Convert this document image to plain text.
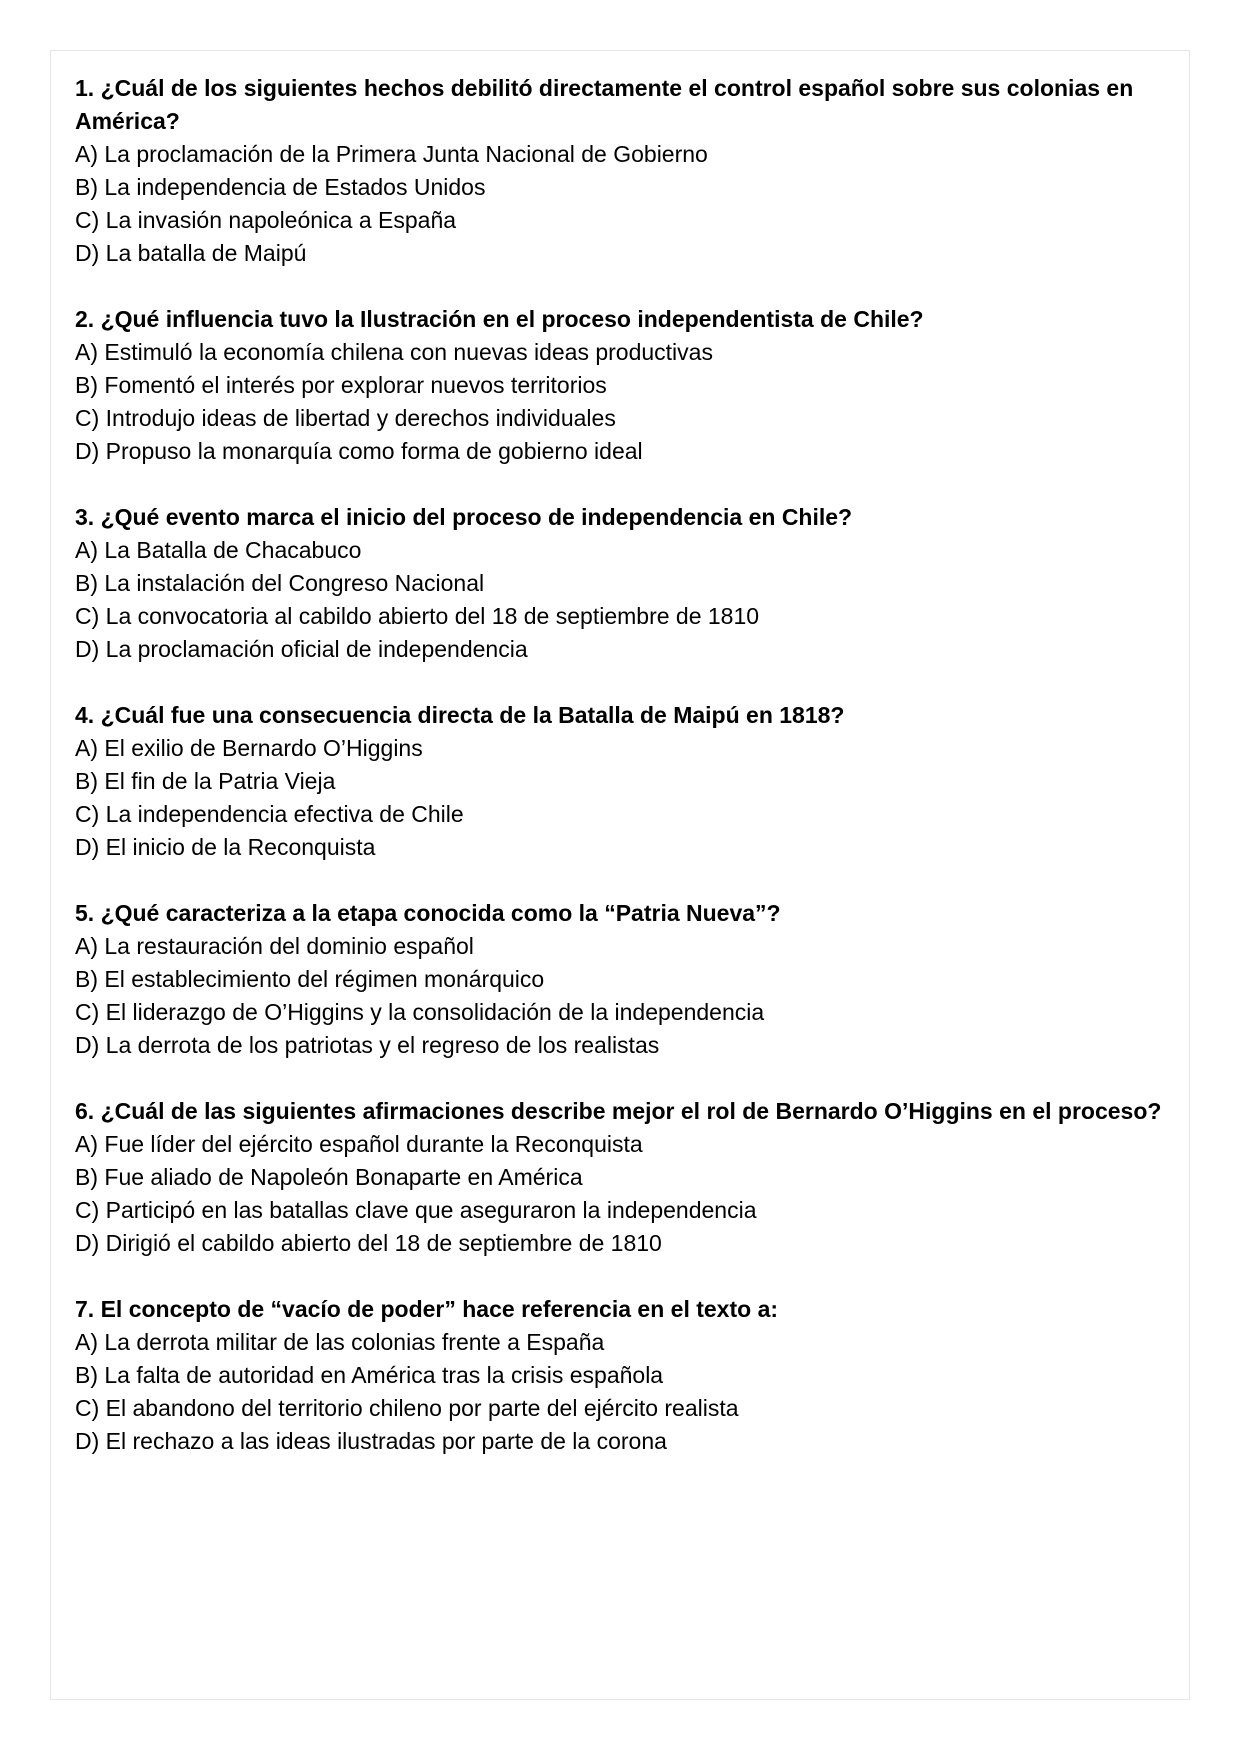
1. ¿Cuál de los siguientes hechos debilitó directamente el control español sobre sus colonias en América?

A) La proclamación de la Primera Junta Nacional de Gobierno
B) La independencia de Estados Unidos
C) La invasión napoleónica a España
D) La batalla de Maipú

2. ¿Qué influencia tuvo la Ilustración en el proceso independentista de Chile?

A) Estimuló la economía chilena con nuevas ideas productivas
B) Fomentó el interés por explorar nuevos territorios
C) Introdujo ideas de libertad y derechos individuales
D) Propuso la monarquía como forma de gobierno ideal

3. ¿Qué evento marca el inicio del proceso de independencia en Chile?

A) La Batalla de Chacabuco
B) La instalación del Congreso Nacional
C) La convocatoria al cabildo abierto del 18 de septiembre de 1810
D) La proclamación oficial de independencia

4. ¿Cuál fue una consecuencia directa de la Batalla de Maipú en 1818?

A) El exilio de Bernardo O’Higgins
B) El fin de la Patria Vieja
C) La independencia efectiva de Chile
D) El inicio de la Reconquista

5. ¿Qué caracteriza a la etapa conocida como la “Patria Nueva”?

A) La restauración del dominio español
B) El establecimiento del régimen monárquico
C) El liderazgo de O’Higgins y la consolidación de la independencia
D) La derrota de los patriotas y el regreso de los realistas

6. ¿Cuál de las siguientes afirmaciones describe mejor el rol de Bernardo O’Higgins en el proceso?

A) Fue líder del ejército español durante la Reconquista
B) Fue aliado de Napoleón Bonaparte en América
C) Participó en las batallas clave que aseguraron la independencia
D) Dirigió el cabildo abierto del 18 de septiembre de 1810

7. El concepto de “vacío de poder” hace referencia en el texto a:

A) La derrota militar de las colonias frente a España
B) La falta de autoridad en América tras la crisis española
C) El abandono del territorio chileno por parte del ejército realista
D) El rechazo a las ideas ilustradas por parte de la corona
